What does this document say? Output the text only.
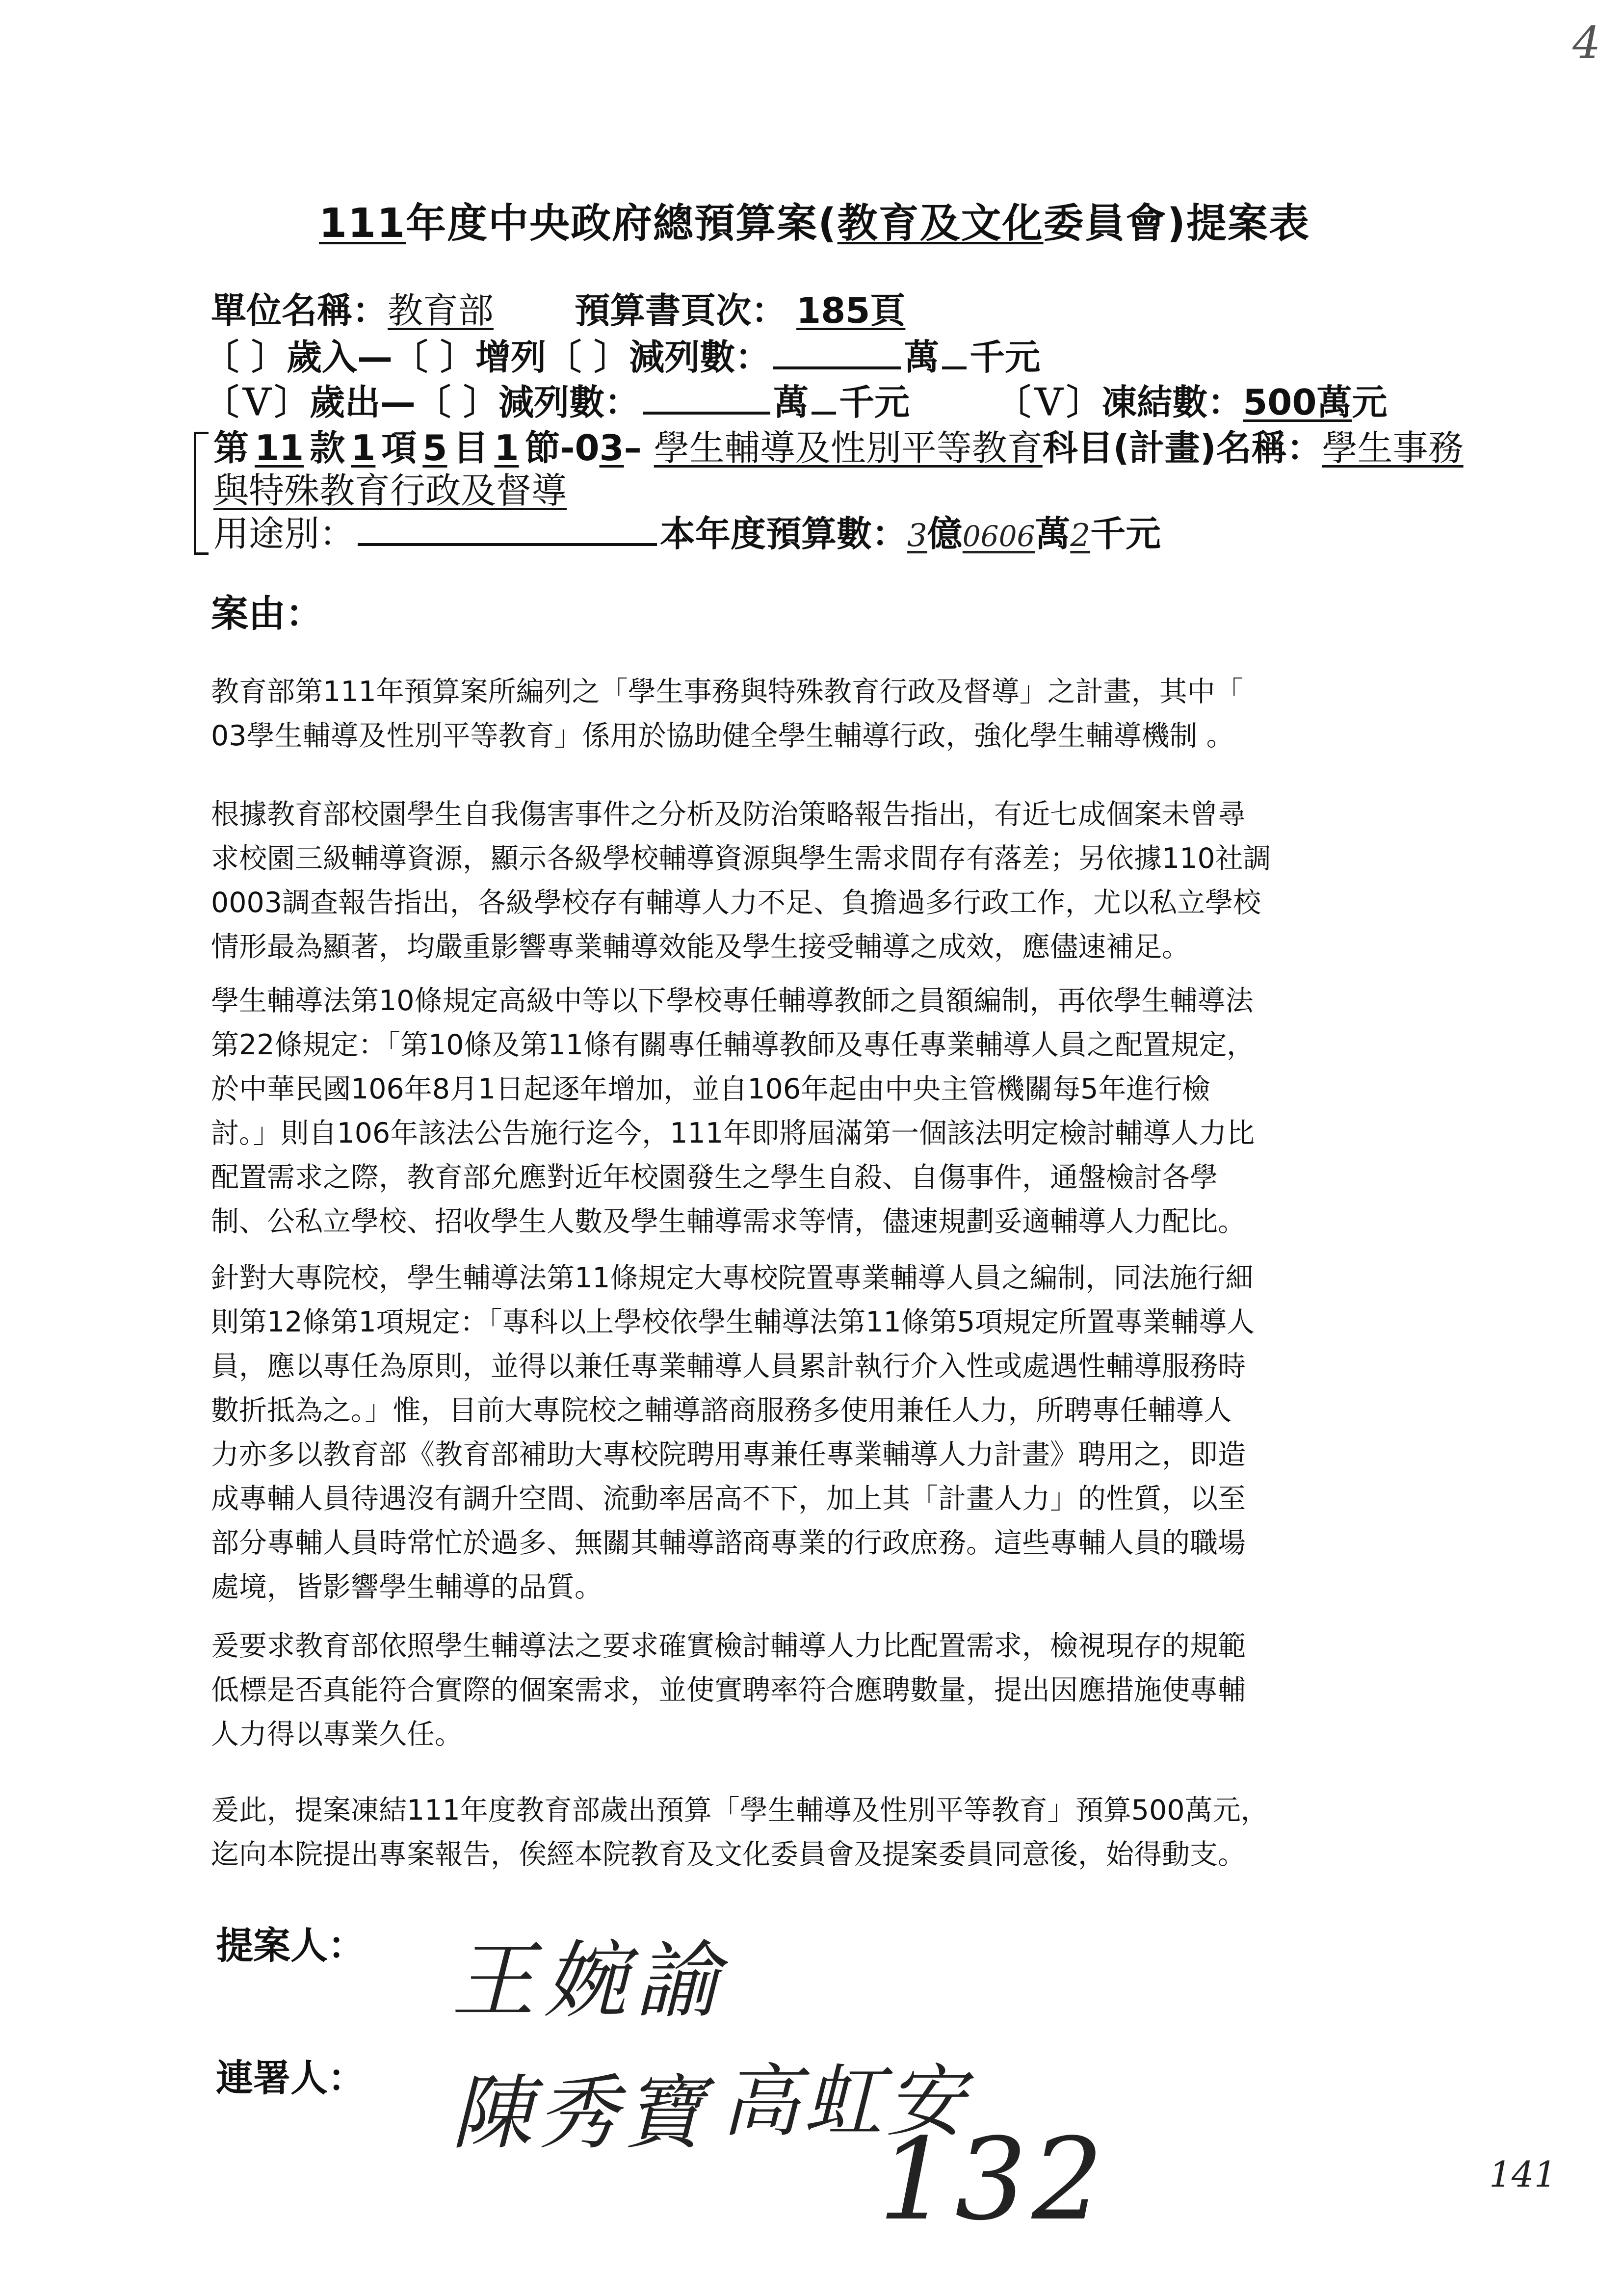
4
111年度中央政府總預算案(教育及文化委員會)提案表
單位名稱：教育部 預算書頁次： 185頁
〔 〕歲入—〔 〕增列〔 〕減列數：	萬 千元
〔Ｖ〕歲出—〔 〕減列數：	萬 千元 〔Ｖ〕凍結數：500萬元
第 11 款 1 項 5 目 1 節-03– 學生輔導及性別平等教育科目(計畫)名稱：學生事務
與特殊教育行政及督導
用途別：	本年度預算數：3億0606萬2千元
案由：
教育部第111年預算案所編列之「學生事務與特殊教育行政及督導」之計畫，其中「
03學生輔導及性別平等教育」係用於協助健全學生輔導行政，強化學生輔導機制 。
根據教育部校園學生自我傷害事件之分析及防治策略報告指出，有近七成個案未曾尋
求校園三級輔導資源，顯示各級學校輔導資源與學生需求間存有落差；另依據110社調
0003調查報告指出，各級學校存有輔導人力不足、負擔過多行政工作，尤以私立學校
情形最為顯著，均嚴重影響專業輔導效能及學生接受輔導之成效，應儘速補足。
學生輔導法第10條規定高級中等以下學校專任輔導教師之員額編制，再依學生輔導法
第22條規定：「第10條及第11條有關專任輔導教師及專任專業輔導人員之配置規定，
於中華民國106年8月1日起逐年增加，並自106年起由中央主管機關每5年進行檢
討。」則自106年該法公告施行迄今，111年即將屆滿第一個該法明定檢討輔導人力比
配置需求之際，教育部允應對近年校園發生之學生自殺、自傷事件，通盤檢討各學
制、公私立學校、招收學生人數及學生輔導需求等情，儘速規劃妥適輔導人力配比。
針對大專院校，學生輔導法第11條規定大專校院置專業輔導人員之編制，同法施行細
則第12條第1項規定：「專科以上學校依學生輔導法第11條第5項規定所置專業輔導人
員，應以專任為原則，並得以兼任專業輔導人員累計執行介入性或處遇性輔導服務時
數折抵為之。」惟，目前大專院校之輔導諮商服務多使用兼任人力，所聘專任輔導人
力亦多以教育部《教育部補助大專校院聘用專兼任專業輔導人力計畫》聘用之，即造
成專輔人員待遇沒有調升空間、流動率居高不下，加上其「計畫人力」的性質，以至
部分專輔人員時常忙於過多、無關其輔導諮商專業的行政庶務。這些專輔人員的職場
處境，皆影響學生輔導的品質。
爰要求教育部依照學生輔導法之要求確實檢討輔導人力比配置需求，檢視現存的規範
低標是否真能符合實際的個案需求，並使實聘率符合應聘數量，提出因應措施使專輔
人力得以專業久任。
爰此，提案凍結111年度教育部歲出預算「學生輔導及性別平等教育」預算500萬元，
迄向本院提出專案報告，俟經本院教育及文化委員會及提案委員同意後，始得動支。
提案人： 王婉諭
連署人： 陳秀寶 高虹安
132	141
